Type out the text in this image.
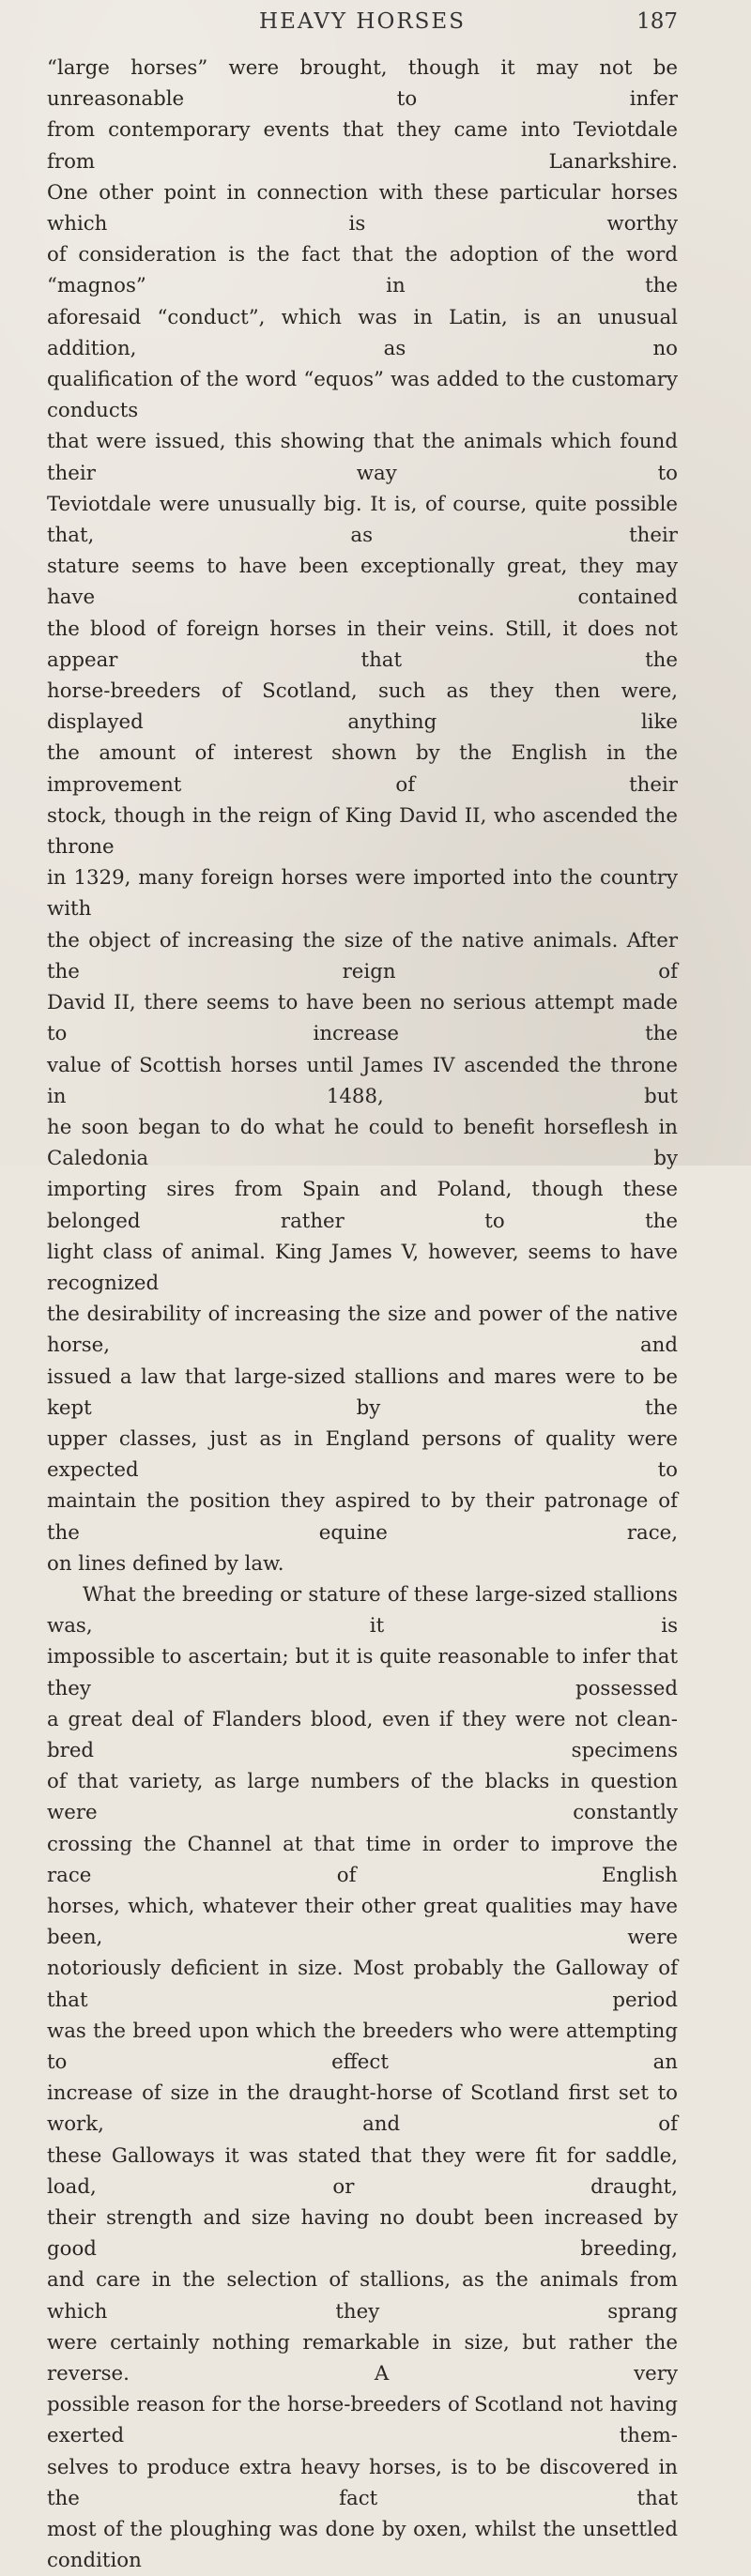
HEAVY HORSES	187

“large horses” were brought, though it may not be unreasonable to infer

from contemporary events that they came into Teviotdale from Lanarkshire.

One other point in connection with these particular horses which is worthy

of consideration is the fact that the adoption of the word “magnos” in the

aforesaid “conduct”, which was in Latin, is an unusual addition, as no

qualification of the word “equos” was added to the customary conducts

that were issued, this showing that the animals which found their way to

Teviotdale were unusually big. It is, of course, quite possible that, as their

stature seems to have been exceptionally great, they may have contained

the blood of foreign horses in their veins. Still, it does not appear that the

horse-breeders of Scotland, such as they then were, displayed anything like

the amount of interest shown by the English in the improvement of their

stock, though in the reign of King David II, who ascended the throne

in 1329, many foreign horses were imported into the country with

the object of increasing the size of the native animals. After the reign of

David II, there seems to have been no serious attempt made to increase the

value of Scottish horses until James IV ascended the throne in 1488, but

he soon began to do what he could to benefit horseflesh in Caledonia by

importing sires from Spain and Poland, though these belonged rather to the

light class of animal. King James V, however, seems to have recognized

the desirability of increasing the size and power of the native horse, and

issued a law that large-sized stallions and mares were to be kept by the

upper classes, just as in England persons of quality were expected to

maintain the position they aspired to by their patronage of the equine race,

on lines defined by law.

What the breeding or stature of these large-sized stallions was, it is

impossible to ascertain; but it is quite reasonable to infer that they possessed

a great deal of Flanders blood, even if they were not clean-bred specimens

of that variety, as large numbers of the blacks in question were constantly

crossing the Channel at that time in order to improve the race of English

horses, which, whatever their other great qualities may have been, were

notoriously deficient in size. Most probably the Galloway of that period

was the breed upon which the breeders who were attempting to effect an

increase of size in the draught-horse of Scotland first set to work, and of

these Galloways it was stated that they were fit for saddle, load, or draught,

their strength and size having no doubt been increased by good breeding,

and care in the selection of stallions, as the animals from which they sprang

were certainly nothing remarkable in size, but rather the reverse. A very

possible reason for the horse-breeders of Scotland not having exerted them-

selves to produce extra heavy horses, is to be discovered in the fact that

most of the ploughing was done by oxen, whilst the unsettled condition
